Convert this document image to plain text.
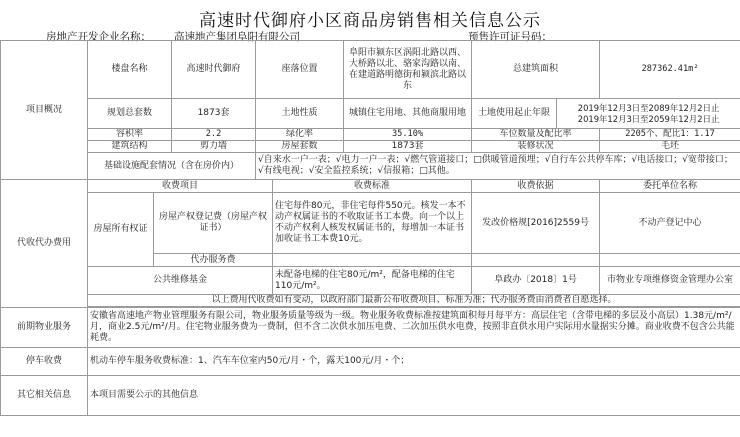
高速时代御府小区商品房销售相关信息公示
房地产开发企业名称： 高速地产集团阜阳有限公司	预售许可证号码：
项目概况	楼盘名称		高速时代御府	座落位置		阜阳市颍东区涡阳北路以西、大桥路以北、骆家沟路以南、在建道路明德街和颍滨北路以东	总建筑面积		287362.41m²
	规划总套数		1873套	土地性质		城镇住宅用地、其他商服用地	土地使用起止年限	2019年12月3日至2089年12月2日止
2019年12月3日至2059年12月2日止	

	容积率		2.2	绿化率		35.10%	车位数量及配比率		2205个、配比1：1.17
	建筑结构		剪力墙	房屋套数		1873套	装修状况		毛坯
	基础设施配套情况（含在房价内）			√自来水一户一表；√电力一户一表；√燃气管道接口；□供暖管道预埋；√自行车公共停车库；√电话接口；√宽带接口；√有线电视；√安全监控系统；√信报箱；□其他。					

代收代办费用	收费项目				收费标准		收费依据		委托单位名称
	房屋所有权证	房屋产权登记费（房屋产权证书）			住宅每件80元，非住宅每件550元。核发一本不动产权属证书的不收取证书工本费。向一个以上不动产权利人核发权属证书的，每增加一本证书加收证书工本费10元。		发改价格规[2016]2559号		不动产登记中心
		代办服务费							
	公共维修基金				未配备电梯的住宅80元/m²，配备电梯的住宅110元/m²。		阜政办〔2018〕1号		市物业专项维修资金管理办公室
	以上费用代收费如有变动，以政府部门最新公布收费项目、标准为准；代办服务费由消费者自愿选择。								

前期物业服务	安徽省高速地产物业管理服务有限公司，物业服务质量等级为一级。物业服务收费标准按建筑面积每月每平方：高层住宅（含带电梯的多层及小高层）1.38元/m²/月，商业2.5元/m²/月。住宅物业服务费为一费制，但不含二次供水加压电费、二次加压供水电费，按照非直供水用户实际用水量据实分摊。商业收费不包含公共能耗费。								
停车收费	机动车停车服务收费标准：1、汽车车位室内50元/月・个，露天100元/月・个；								
其它相关信息	本项目需要公示的其他信息								
